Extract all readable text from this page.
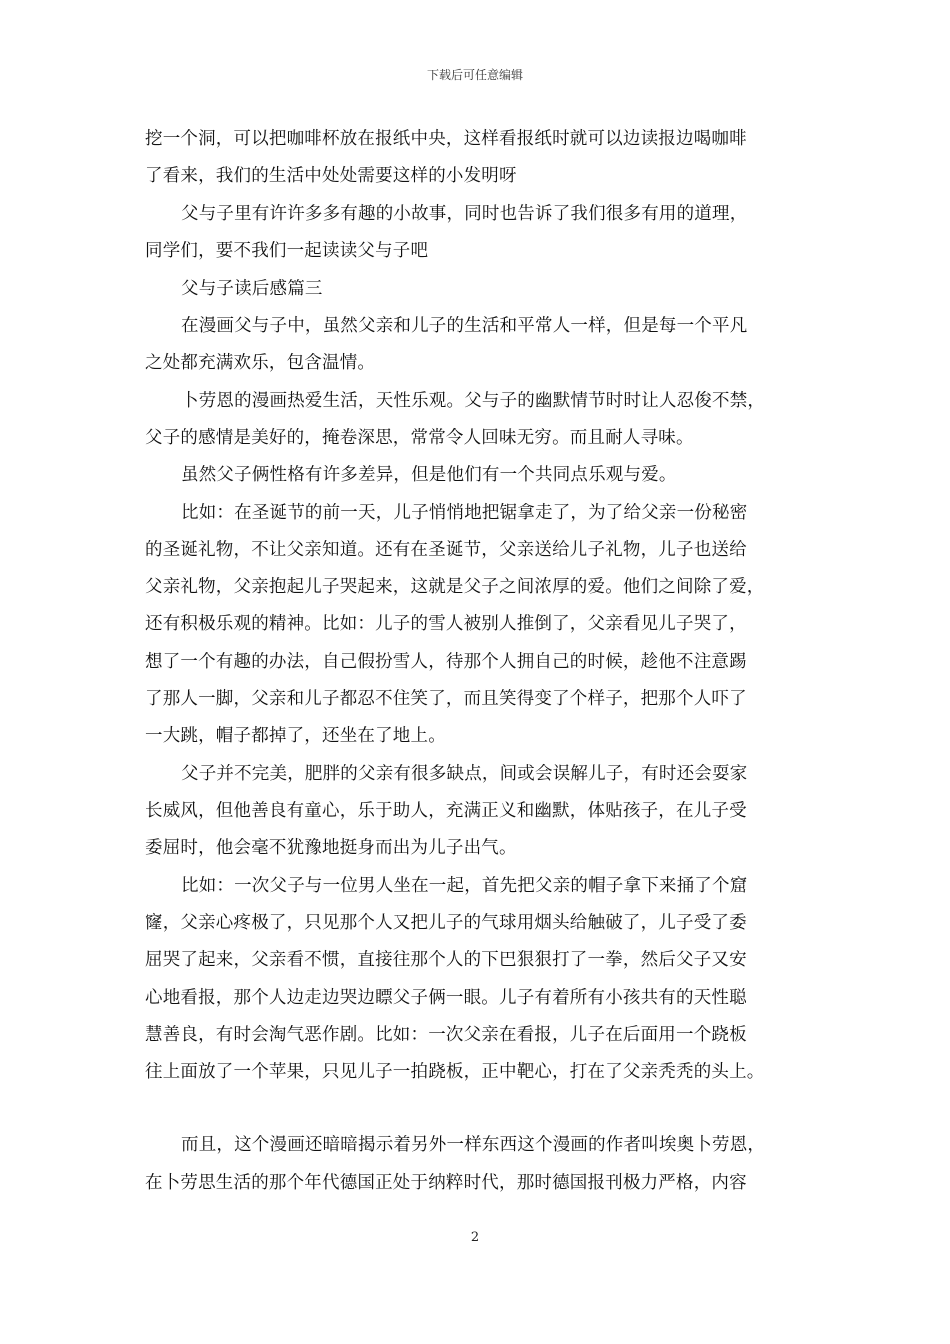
下载后可任意编辑
挖一个洞，可以把咖啡杯放在报纸中央，这样看报纸时就可以边读报边喝咖啡
了看来，我们的生活中处处需要这样的小发明呀
父与子里有许许多多有趣的小故事，同时也告诉了我们很多有用的道理，
同学们，要不我们一起读读父与子吧
父与子读后感篇三
在漫画父与子中，虽然父亲和儿子的生活和平常人一样，但是每一个平凡
之处都充满欢乐，包含温情。
卜劳恩的漫画热爱生活，天性乐观。父与子的幽默情节时时让人忍俊不禁，
父子的感情是美好的，掩卷深思，常常令人回味无穷。而且耐人寻味。
虽然父子俩性格有许多差异，但是他们有一个共同点乐观与爱。
比如：在圣诞节的前一天，儿子悄悄地把锯拿走了，为了给父亲一份秘密
的圣诞礼物，不让父亲知道。还有在圣诞节，父亲送给儿子礼物，儿子也送给
父亲礼物，父亲抱起儿子哭起来，这就是父子之间浓厚的爱。他们之间除了爱，
还有积极乐观的精神。比如：儿子的雪人被别人推倒了，父亲看见儿子哭了，
想了一个有趣的办法，自己假扮雪人，待那个人拥自己的时候，趁他不注意踢
了那人一脚，父亲和儿子都忍不住笑了，而且笑得变了个样子，把那个人吓了
一大跳，帽子都掉了，还坐在了地上。
父子并不完美，肥胖的父亲有很多缺点，间或会误解儿子，有时还会耍家
长威风，但他善良有童心，乐于助人，充满正义和幽默，体贴孩子，在儿子受
委屈时，他会毫不犹豫地挺身而出为儿子出气。
比如：一次父子与一位男人坐在一起，首先把父亲的帽子拿下来捅了个窟
窿，父亲心疼极了，只见那个人又把儿子的气球用烟头给触破了，儿子受了委
屈哭了起来，父亲看不惯，直接往那个人的下巴狠狠打了一拳，然后父子又安
心地看报，那个人边走边哭边瞟父子俩一眼。儿子有着所有小孩共有的天性聪
慧善良，有时会淘气恶作剧。比如：一次父亲在看报，儿子在后面用一个跷板
往上面放了一个苹果，只见儿子一拍跷板，正中靶心，打在了父亲秃秃的头上。
而且，这个漫画还暗暗揭示着另外一样东西这个漫画的作者叫埃奥卜劳恩，
在卜劳思生活的那个年代德国正处于纳粹时代，那时德国报刊极力严格，内容
2
